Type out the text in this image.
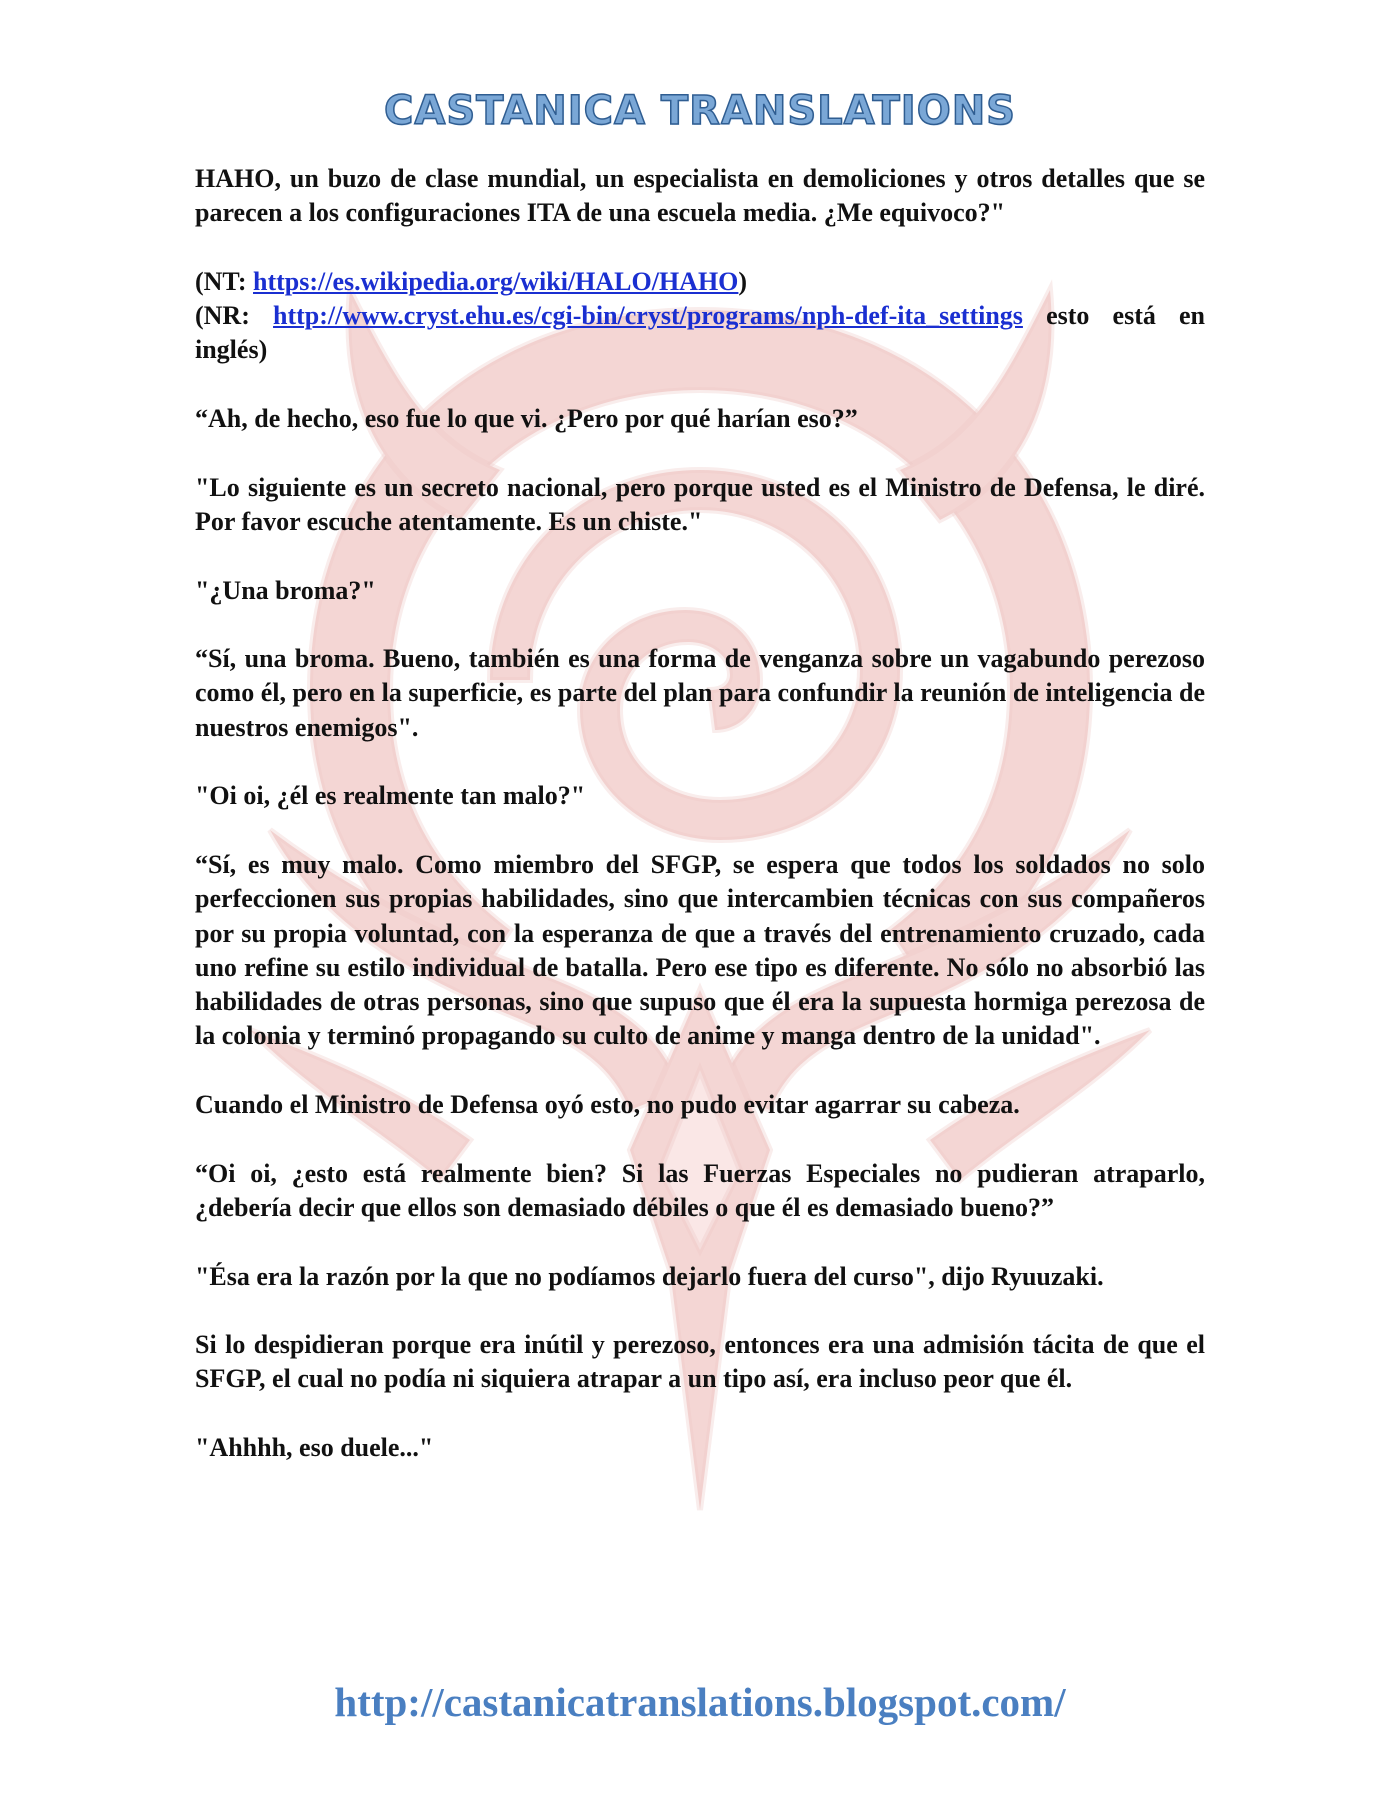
CASTANICA TRANSLATIONS

HAHO, un buzo de clase mundial, un especialista en demoliciones y otros detalles que se parecen a los configuraciones ITA de una escuela media. ¿Me equivoco?"

(NT: https://es.wikipedia.org/wiki/HALO/HAHO)

(NR: http://www.cryst.ehu.es/cgi-bin/cryst/programs/nph-def-ita_settings esto está en inglés)

“Ah, de hecho, eso fue lo que vi. ¿Pero por qué harían eso?”

"Lo siguiente es un secreto nacional, pero porque usted es el Ministro de Defensa, le diré. Por favor escuche atentamente. Es un chiste."

"¿Una broma?"

“Sí, una broma. Bueno, también es una forma de venganza sobre un vagabundo perezoso como él, pero en la superficie, es parte del plan para confundir la reunión de inteligencia de nuestros enemigos".

"Oi oi, ¿él es realmente tan malo?"

“Sí, es muy malo. Como miembro del SFGP, se espera que todos los soldados no solo perfeccionen sus propias habilidades, sino que intercambien técnicas con sus compañeros por su propia voluntad, con la esperanza de que a través del entrenamiento cruzado, cada uno refine su estilo individual de batalla. Pero ese tipo es diferente. No sólo no absorbió las habilidades de otras personas, sino que supuso que él era la supuesta hormiga perezosa de la colonia y terminó propagando su culto de anime y manga dentro de la unidad".

Cuando el Ministro de Defensa oyó esto, no pudo evitar agarrar su cabeza.

“Oi oi, ¿esto está realmente bien? Si las Fuerzas Especiales no pudieran atraparlo, ¿debería decir que ellos son demasiado débiles o que él es demasiado bueno?”

"Ésa era la razón por la que no podíamos dejarlo fuera del curso", dijo Ryuuzaki.

Si lo despidieran porque era inútil y perezoso, entonces era una admisión tácita de que el SFGP, el cual no podía ni siquiera atrapar a un tipo así, era incluso peor que él.

"Ahhhh, eso duele..."

http://castanicatranslations.blogspot.com/
